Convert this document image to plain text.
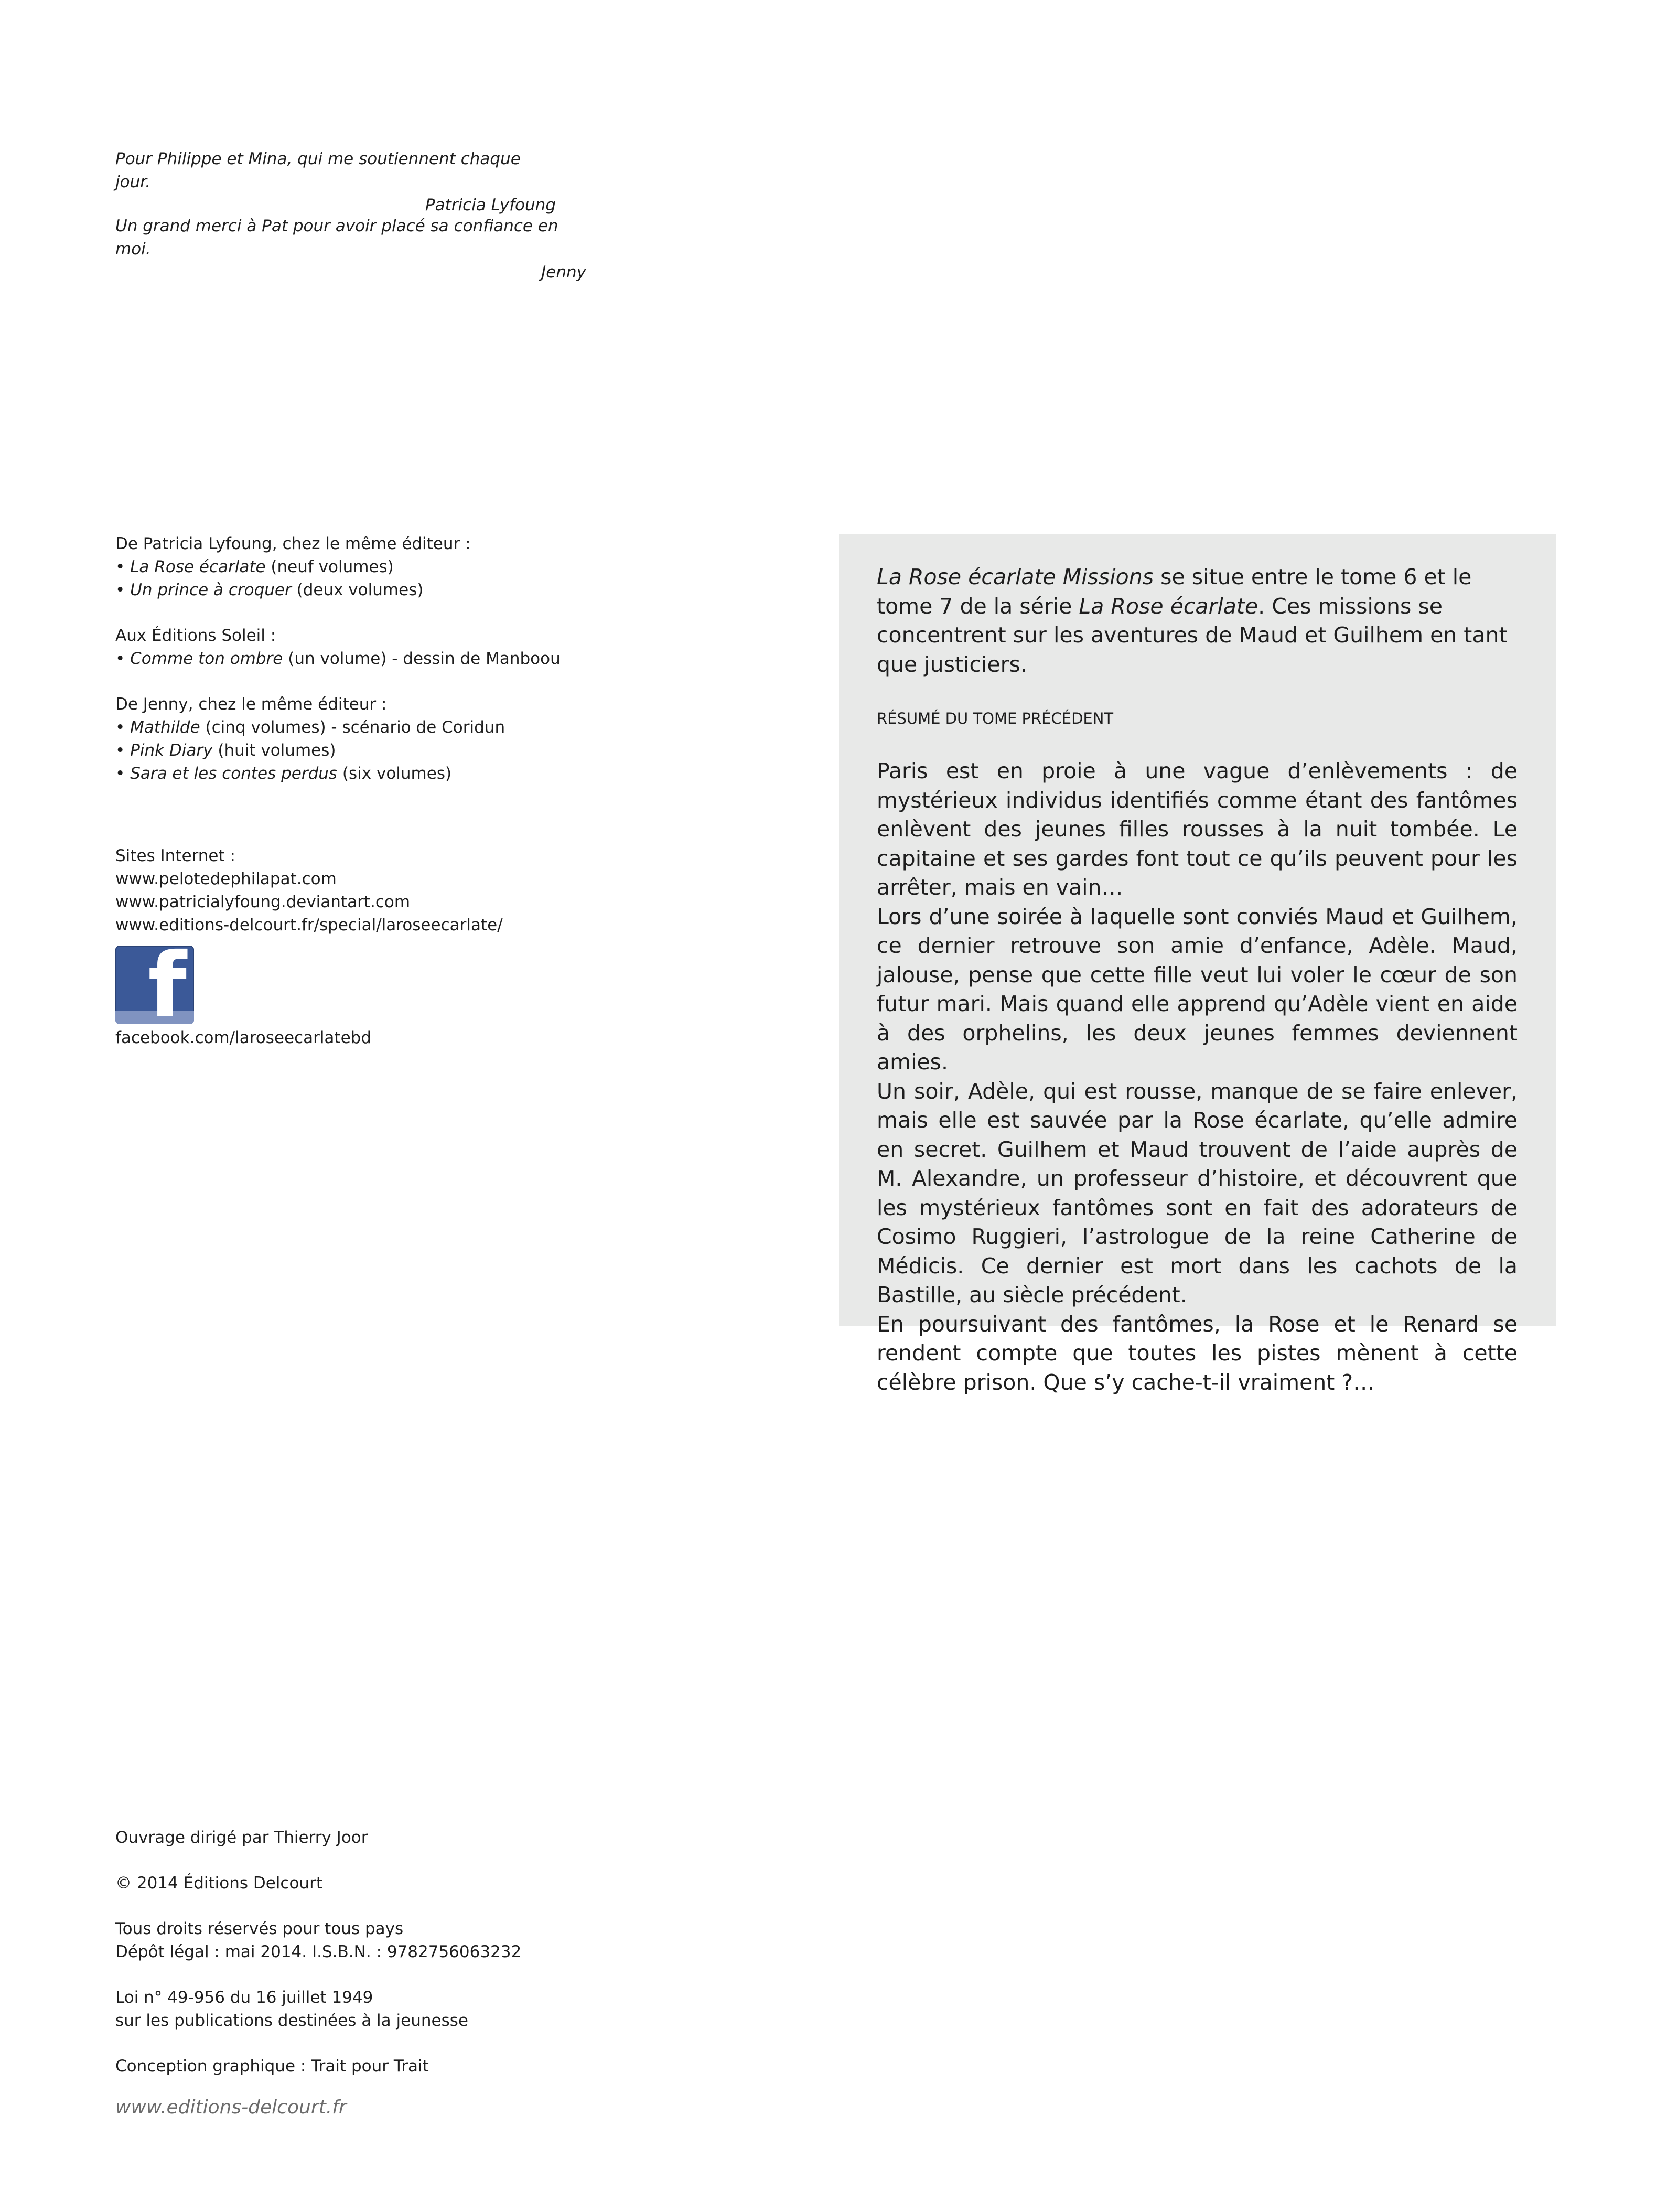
Pour Philippe et Mina, qui me soutiennent chaque jour.

Patricia Lyfoung

Un grand merci à Pat pour avoir placé sa confiance en moi.

Jenny

De Patricia Lyfoung, chez le même éditeur :

• La Rose écarlate (neuf volumes)

• Un prince à croquer (deux volumes)

Aux Éditions Soleil :

• Comme ton ombre (un volume) - dessin de Manboou

De Jenny, chez le même éditeur :

• Mathilde (cinq volumes) - scénario de Coridun

• Pink Diary (huit volumes)

• Sara et les contes perdus (six volumes)

Sites Internet :

www.pelotedephilapat.com

www.patricialyfoung.deviantart.com

www.editions-delcourt.fr/special/laroseecarlate/

f
facebook.com/laroseecarlatebd

La Rose écarlate Missions se situe entre le tome 6 et le tome 7 de la série La Rose écarlate. Ces missions se concentrent sur les aventures de Maud et Guilhem en tant que justiciers.

RÉSUMÉ DU TOME PRÉCÉDENT

Paris est en proie à une vague d’enlèvements : de mystérieux individus identifiés comme étant des fantômes enlèvent des jeunes filles rousses à la nuit tombée. Le capitaine et ses gardes font tout ce qu’ils peuvent pour les arrêter, mais en vain…

Lors d’une soirée à laquelle sont conviés Maud et Guilhem, ce dernier retrouve son amie d’enfance, Adèle. Maud, jalouse, pense que cette fille veut lui voler le cœur de son futur mari. Mais quand elle apprend qu’Adèle vient en aide à des orphelins, les deux jeunes femmes deviennent amies.

Un soir, Adèle, qui est rousse, manque de se faire enlever, mais elle est sauvée par la Rose écarlate, qu’elle admire en secret. Guilhem et Maud trouvent de l’aide auprès de M. Alexandre, un professeur d’histoire, et découvrent que les mystérieux fantômes sont en fait des adorateurs de Cosimo Ruggieri, l’astrologue de la reine Catherine de Médicis. Ce dernier est mort dans les cachots de la Bastille, au siècle précédent.

En poursuivant des fantômes, la Rose et le Renard se rendent compte que toutes les pistes mènent à cette célèbre prison. Que s’y cache-t-il vraiment ?…

Ouvrage dirigé par Thierry Joor

© 2014 Éditions Delcourt

Tous droits réservés pour tous pays

Dépôt légal : mai 2014. I.S.B.N. : 9782756063232

Loi n° 49-956 du 16 juillet 1949

sur les publications destinées à la jeunesse

Conception graphique : Trait pour Trait

www.editions-delcourt.fr
